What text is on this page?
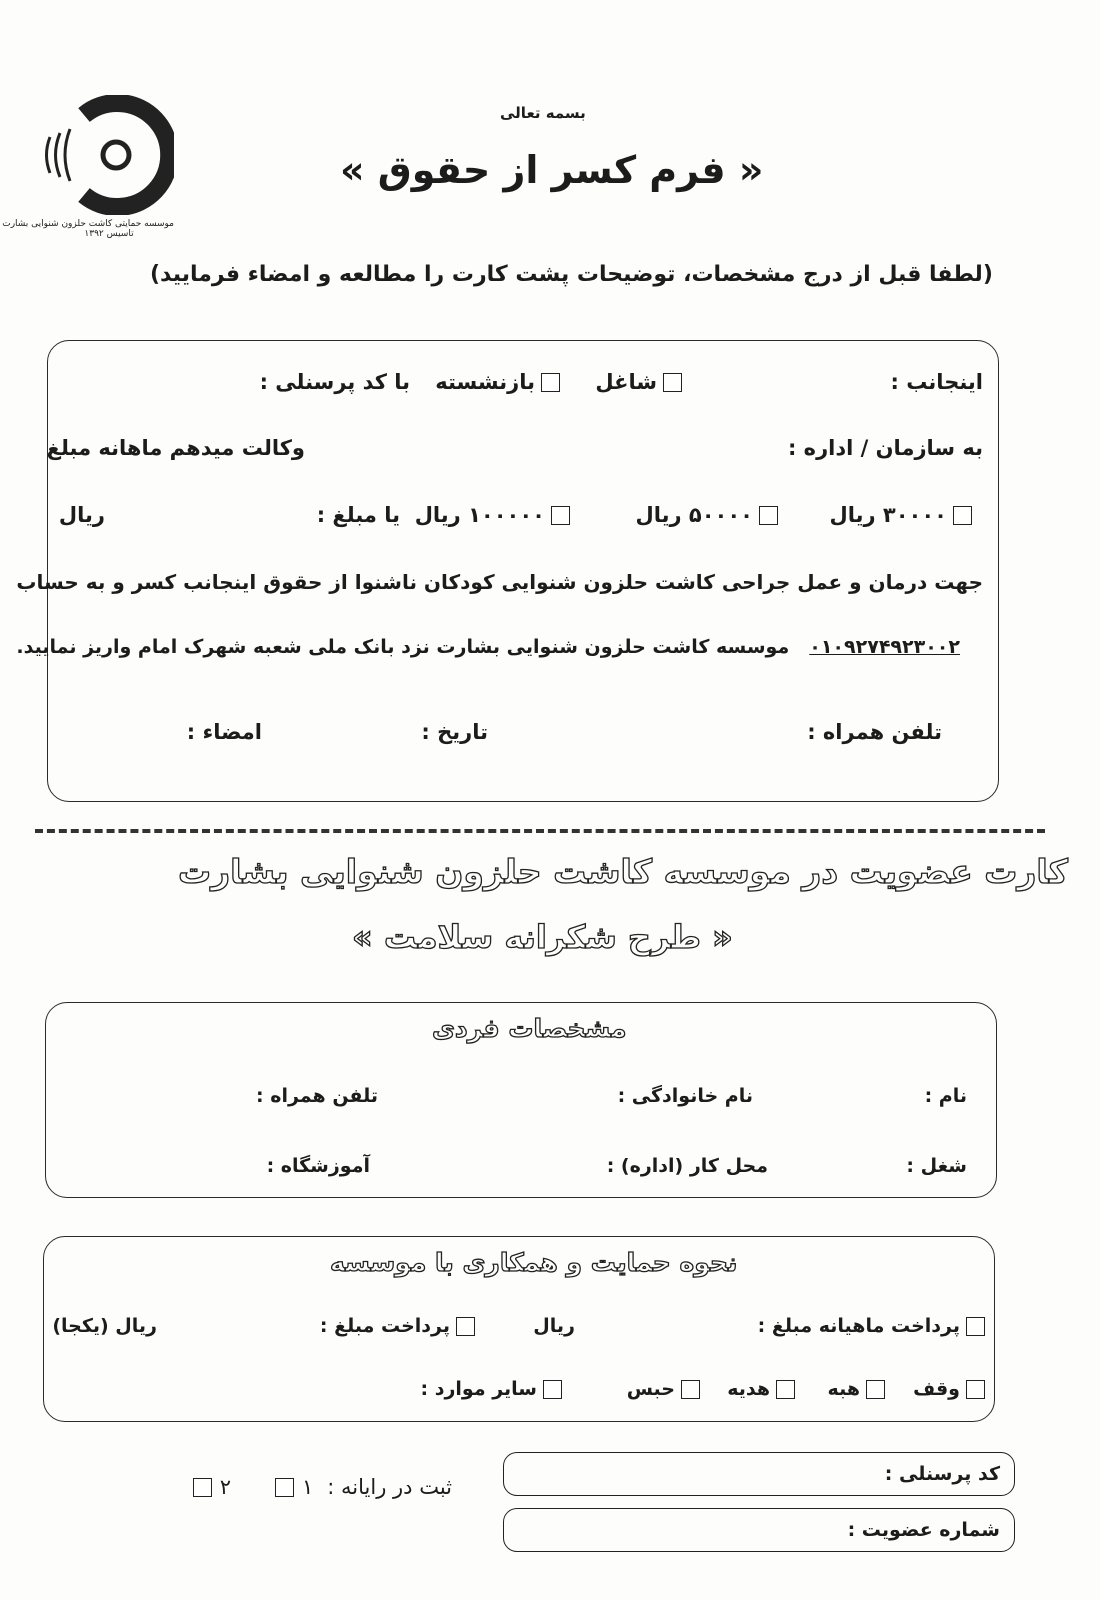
موسسه حمایتی کاشت حلزون شنوایی بشارت
تاسیس ۱۳۹۲
بسمه تعالی
« فرم کسر از حقوق »
(لطفا قبل از درج مشخصات، توضیحات پشت کارت را مطالعه و امضاء فرمایید)
اینجانب :
شاغل
بازنشسته
با کد پرسنلی :
به سازمان / اداره :
وکالت میدهم ماهانه مبلغ
۳۰۰۰۰ ریال
۵۰۰۰۰ ریال
۱۰۰۰۰۰ ریال
یا مبلغ :
ریال
جهت درمان و عمل جراحی کاشت حلزون شنوایی کودکان ناشنوا از حقوق اینجانب کسر و به حساب
۰۱۰۹۲۷۴۹۲۳۰۰۲
موسسه کاشت حلزون شنوایی بشارت نزد بانک ملی شعبه شهرک امام واریز نمایید.
تلفن همراه :
تاریخ :
امضاء :
کارت عضویت در موسسه کاشت حلزون شنوایی بشارت
« طرح شکرانه سلامت »
مشخصات فردی
نام :
نام خانوادگی :
تلفن همراه :
شغل :
محل کار (اداره) :
آموزشگاه :
نحوه حمایت و همکاری با موسسه
پرداخت ماهیانه مبلغ :
ریال
پرداخت مبلغ :
ریال (یکجا)
وقف
هبه
هدیه
حبس
سایر موارد :
کد پرسنلی :
شماره عضویت :
ثبت در رایانه :
۱
۲
